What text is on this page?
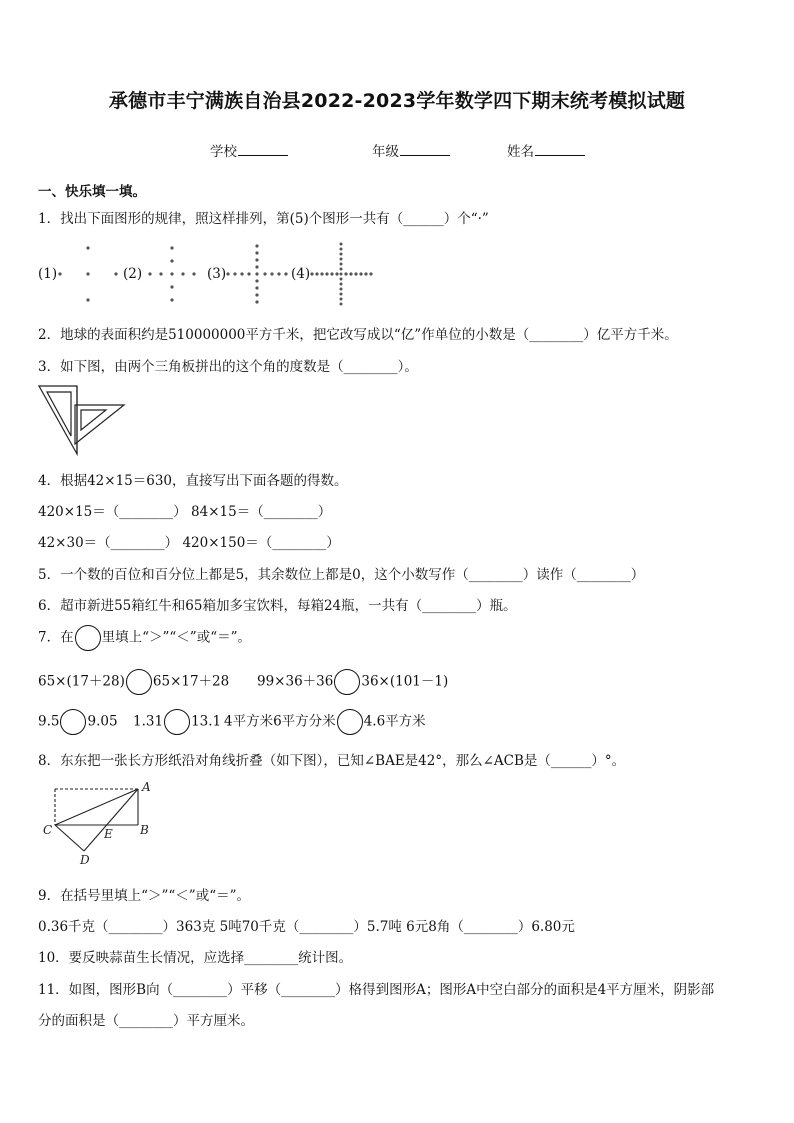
承德市丰宁满族自治县2022-2023学年数学四下期末统考模拟试题
学校	年级	姓名
一、快乐填一填。
1．找出下面图形的规律，照这样排列，第(5)个图形一共有（______）个“·”
(1)	(2)	(3)	(4)
2．地球的表面积约是510000000平方千米，把它改写成以“亿”作单位的小数是（________）亿平方千米。
3．如下图，由两个三角板拼出的这个角的度数是（________）。
4．根据42×15＝630，直接写出下面各题的得数。
420×15＝（________） 84×15＝（________）
42×30＝（________） 420×150＝（________）
5．一个数的百位和百分位上都是5，其余数位上都是0，这个小数写作（________）读作（________）
6．超市新进55箱红牛和65箱加多宝饮料，每箱24瓶，一共有（________）瓶。
7．在 里填上“＞”“＜”或“＝”。
65×(17＋28) 65×17＋28 99×36＋36 36×(101－1)
9.5 9.05 1.31 13.1 4平方米6平方分米 4.6平方米
8．东东把一张长方形纸沿对角线折叠（如下图），已知∠BAE是42°，那么∠ACB是（______）°。
A
B
C
D
E
9．在括号里填上“＞”“＜”或“＝”。
0.36千克（________）363克 5吨70千克（________）5.7吨 6元8角（________）6.80元
10．要反映蒜苗生长情况，应选择________统计图。
11．如图，图形B向（________）平移（________）格得到图形A；图形A中空白部分的面积是4平方厘米，阴影部
分的面积是（________）平方厘米。
